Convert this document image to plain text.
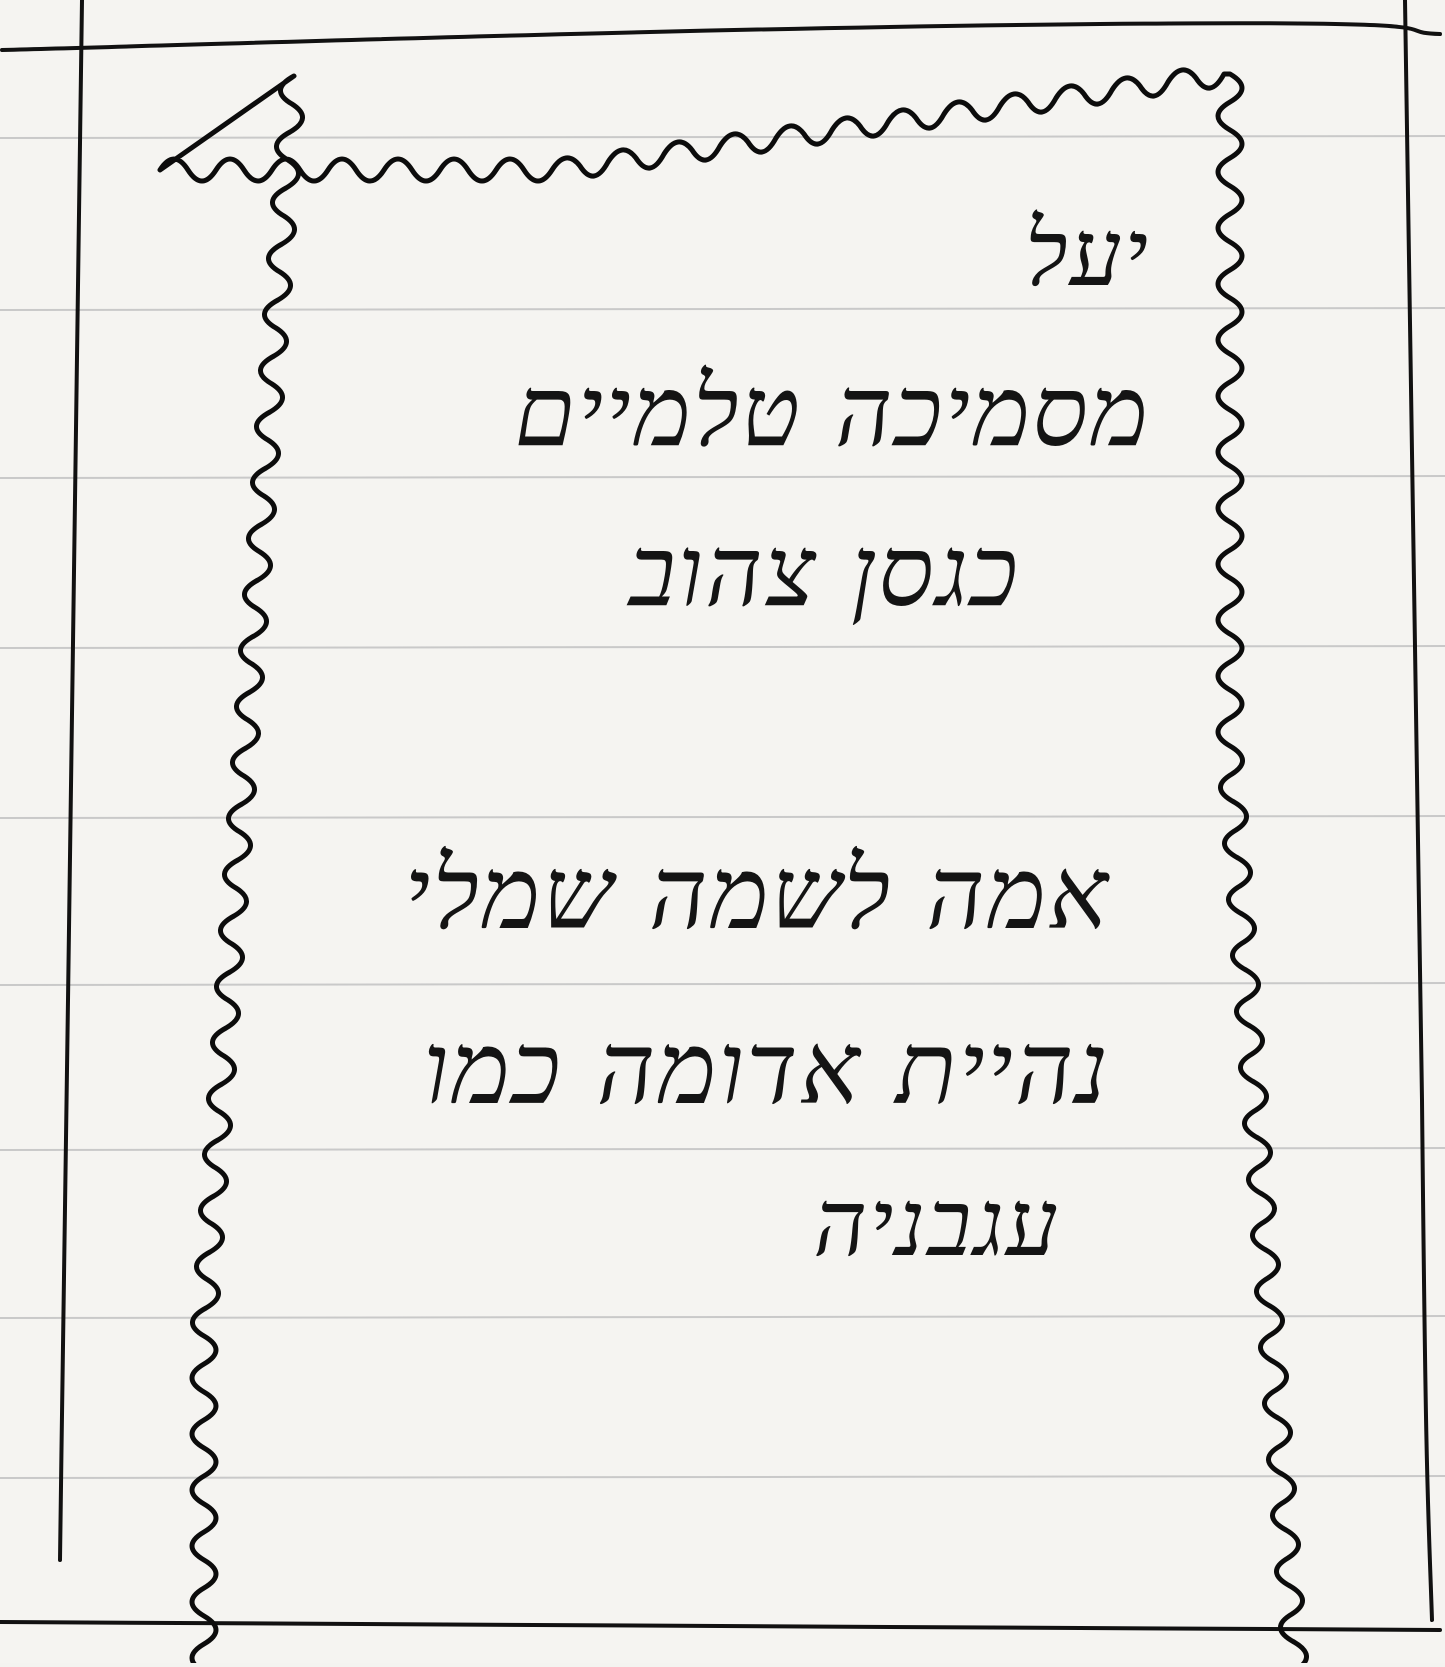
יעל
מסמיכה טלמיים
כגסן צהוב
אמה לשמה שמלי
נהיית אדומה כמו
עגבניה
